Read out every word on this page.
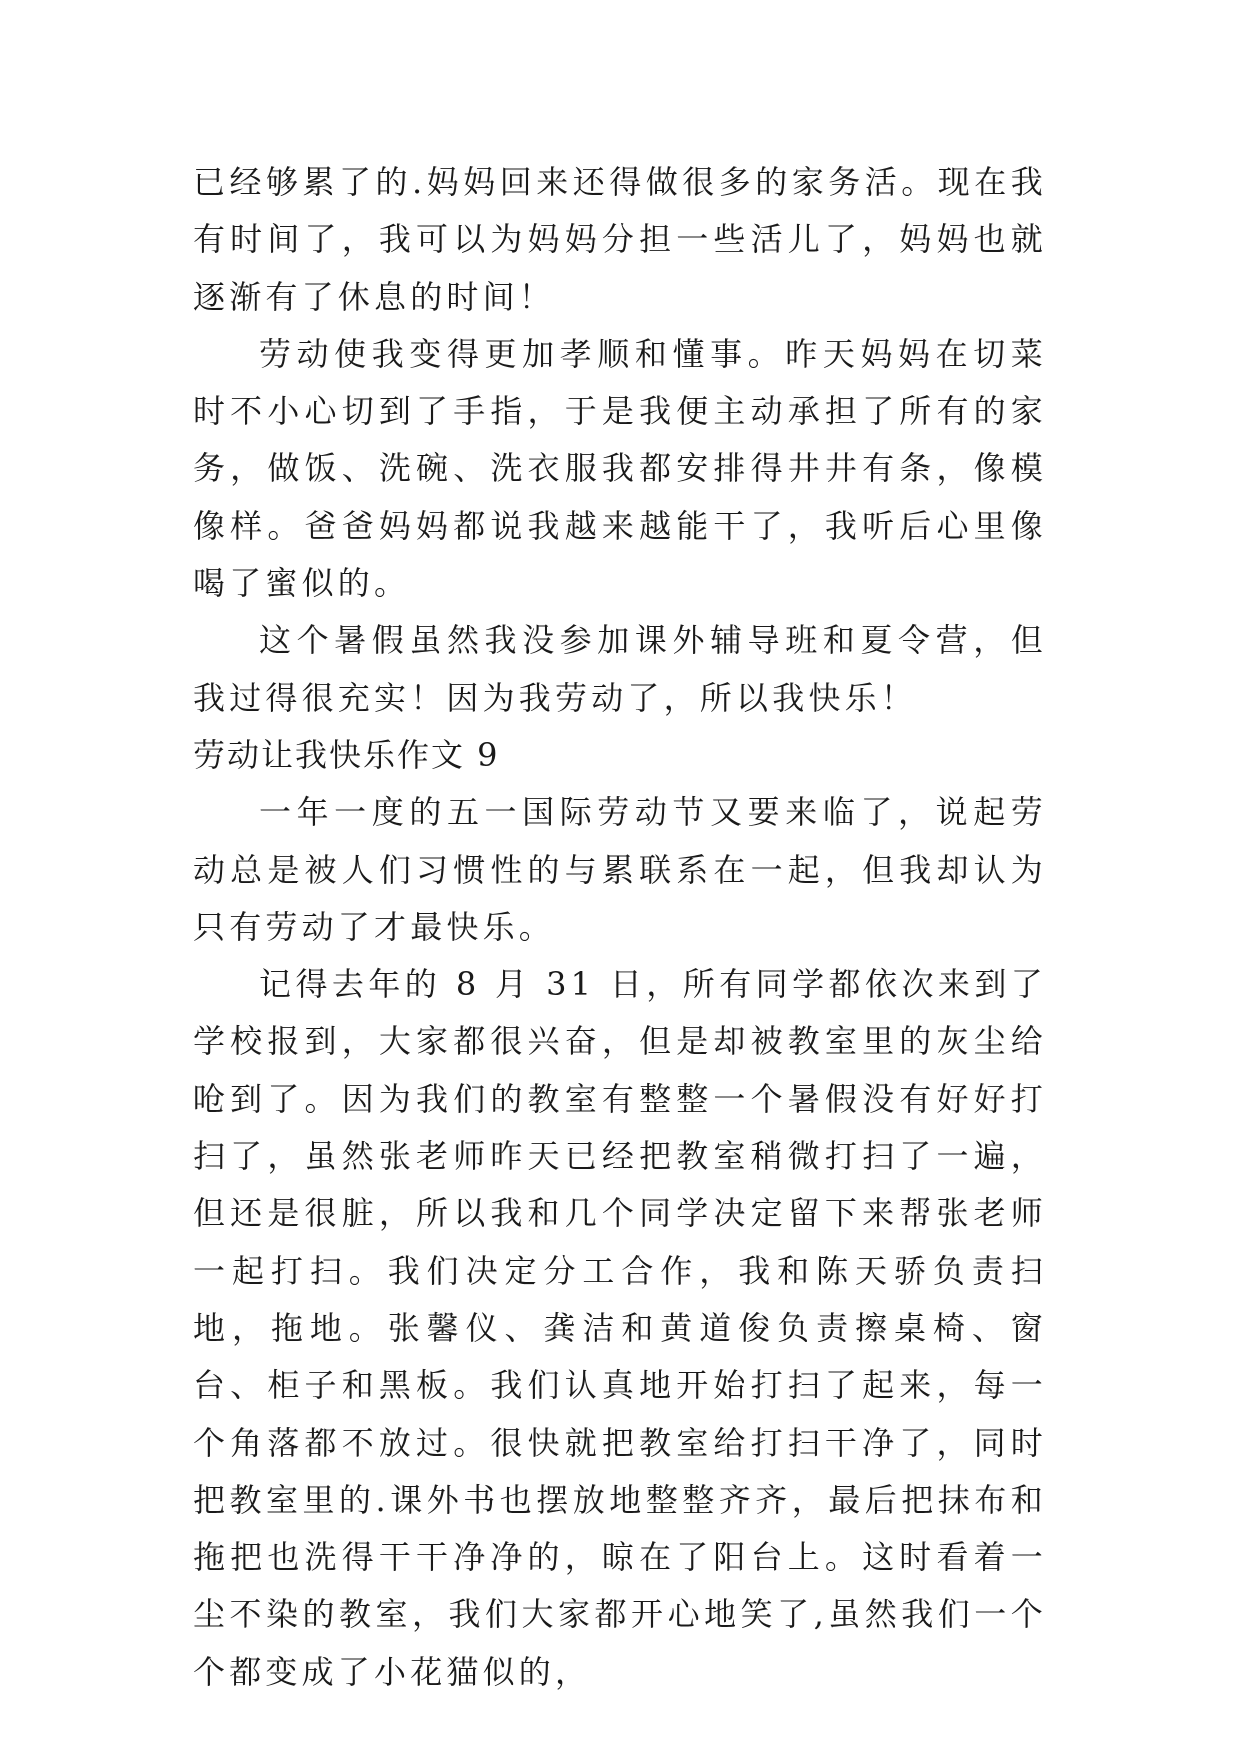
已经够累了的.妈妈回来还得做很多的家务活。现在我有时间了，我可以为妈妈分担一些活儿了，妈妈也就逐渐有了休息的时间！

劳动使我变得更加孝顺和懂事。昨天妈妈在切菜时不小心切到了手指，于是我便主动承担了所有的家务，做饭、洗碗、洗衣服我都安排得井井有条，像模像样。爸爸妈妈都说我越来越能干了，我听后心里像喝了蜜似的。

这个暑假虽然我没参加课外辅导班和夏令营，但我过得很充实！因为我劳动了，所以我快乐！

劳动让我快乐作文 9

一年一度的五一国际劳动节又要来临了，说起劳动总是被人们习惯性的与累联系在一起，但我却认为只有劳动了才最快乐。

记得去年的 8 月 31 日，所有同学都依次来到了学校报到，大家都很兴奋，但是却被教室里的灰尘给呛到了。因为我们的教室有整整一个暑假没有好好打扫了，虽然张老师昨天已经把教室稍微打扫了一遍，但还是很脏，所以我和几个同学决定留下来帮张老师一起打扫。我们决定分工合作，我和陈天骄负责扫地，拖地。张馨仪、龚洁和黄道俊负责擦桌椅、窗台、柜子和黑板。我们认真地开始打扫了起来，每一个角落都不放过。很快就把教室给打扫干净了，同时把教室里的.课外书也摆放地整整齐齐，最后把抹布和拖把也洗得干干净净的，晾在了阳台上。这时看着一尘不染的教室，我们大家都开心地笑了,虽然我们一个个都变成了小花猫似的，
